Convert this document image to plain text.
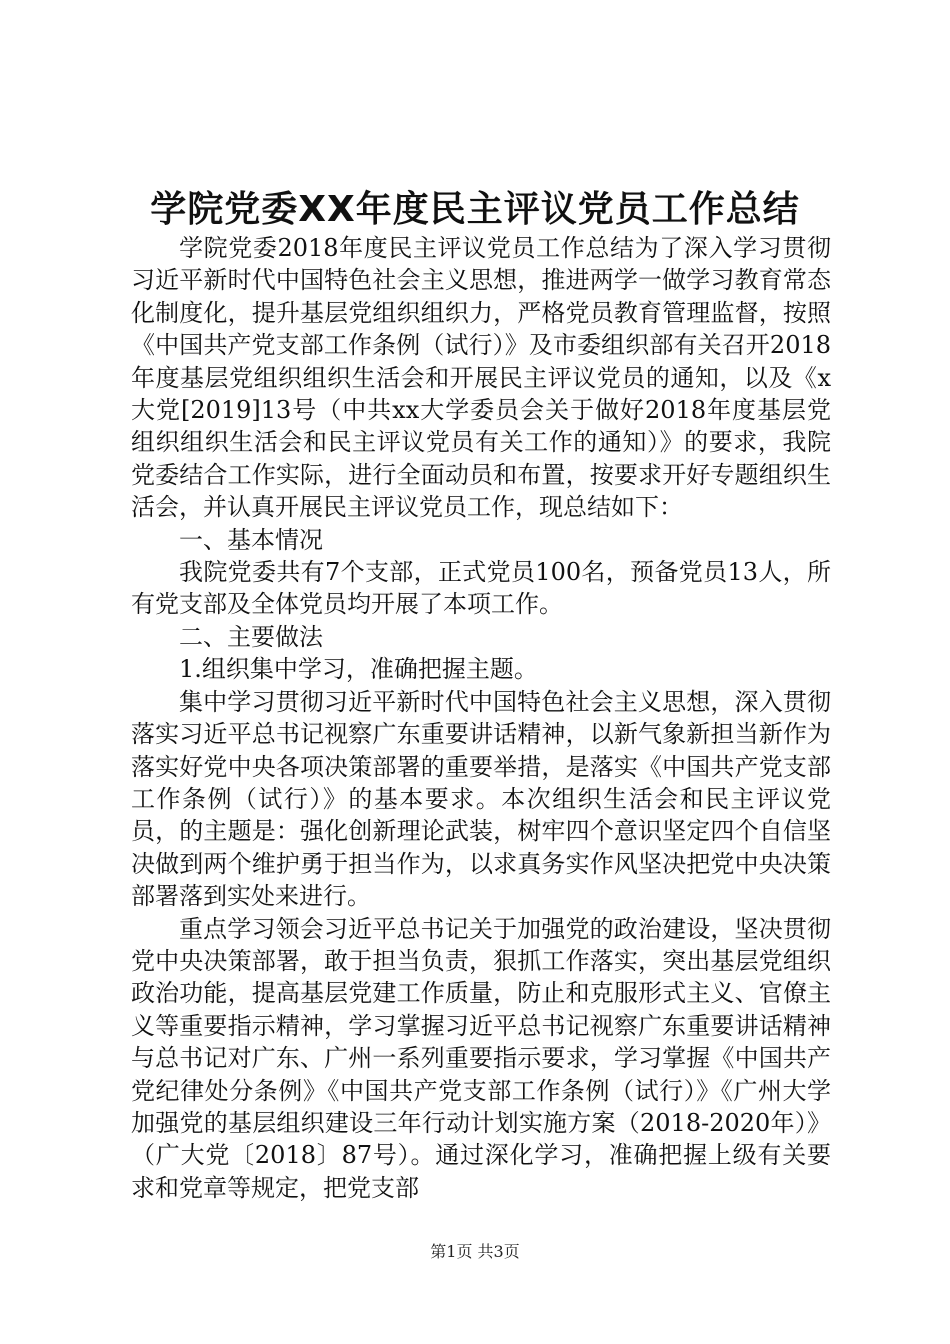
学院党委XX年度民主评议党员工作总结

学院党委2018年度民主评议党员工作总结为了深入学习贯彻习近平新时代中国特色社会主义思想，推进两学一做学习教育常态化制度化，提升基层党组织组织力，严格党员教育管理监督，按照《中国共产党支部工作条例（试行）》及市委组织部有关召开2018年度基层党组织组织生活会和开展民主评议党员的通知，以及《x大党[2019]13号（中共xx大学委员会关于做好2018年度基层党组织组织生活会和民主评议党员有关工作的通知）》的要求，我院党委结合工作实际，进行全面动员和布置，按要求开好专题组织生活会，并认真开展民主评议党员工作，现总结如下：

一、基本情况

我院党委共有7个支部，正式党员100名，预备党员13人，所有党支部及全体党员均开展了本项工作。

二、主要做法

1.组织集中学习，准确把握主题。

集中学习贯彻习近平新时代中国特色社会主义思想，深入贯彻落实习近平总书记视察广东重要讲话精神，以新气象新担当新作为落实好党中央各项决策部署的重要举措，是落实《中国共产党支部工作条例（试行）》的基本要求。本次组织生活会和民主评议党员，的主题是：强化创新理论武装，树牢四个意识坚定四个自信坚决做到两个维护勇于担当作为，以求真务实作风坚决把党中央决策部署落到实处来进行。

重点学习领会习近平总书记关于加强党的政治建设，坚决贯彻党中央决策部署，敢于担当负责，狠抓工作落实，突出基层党组织政治功能，提高基层党建工作质量，防止和克服形式主义、官僚主义等重要指示精神，学习掌握习近平总书记视察广东重要讲话精神与总书记对广东、广州一系列重要指示要求，学习掌握《中国共产党纪律处分条例》《中国共产党支部工作条例（试行）》《广州大学加强党的基层组织建设三年行动计划实施方案（2018-2020年）》（广大党〔2018〕87号）。通过深化学习，准确把握上级有关要求和党章等规定，把党支部

第1页 共3页
